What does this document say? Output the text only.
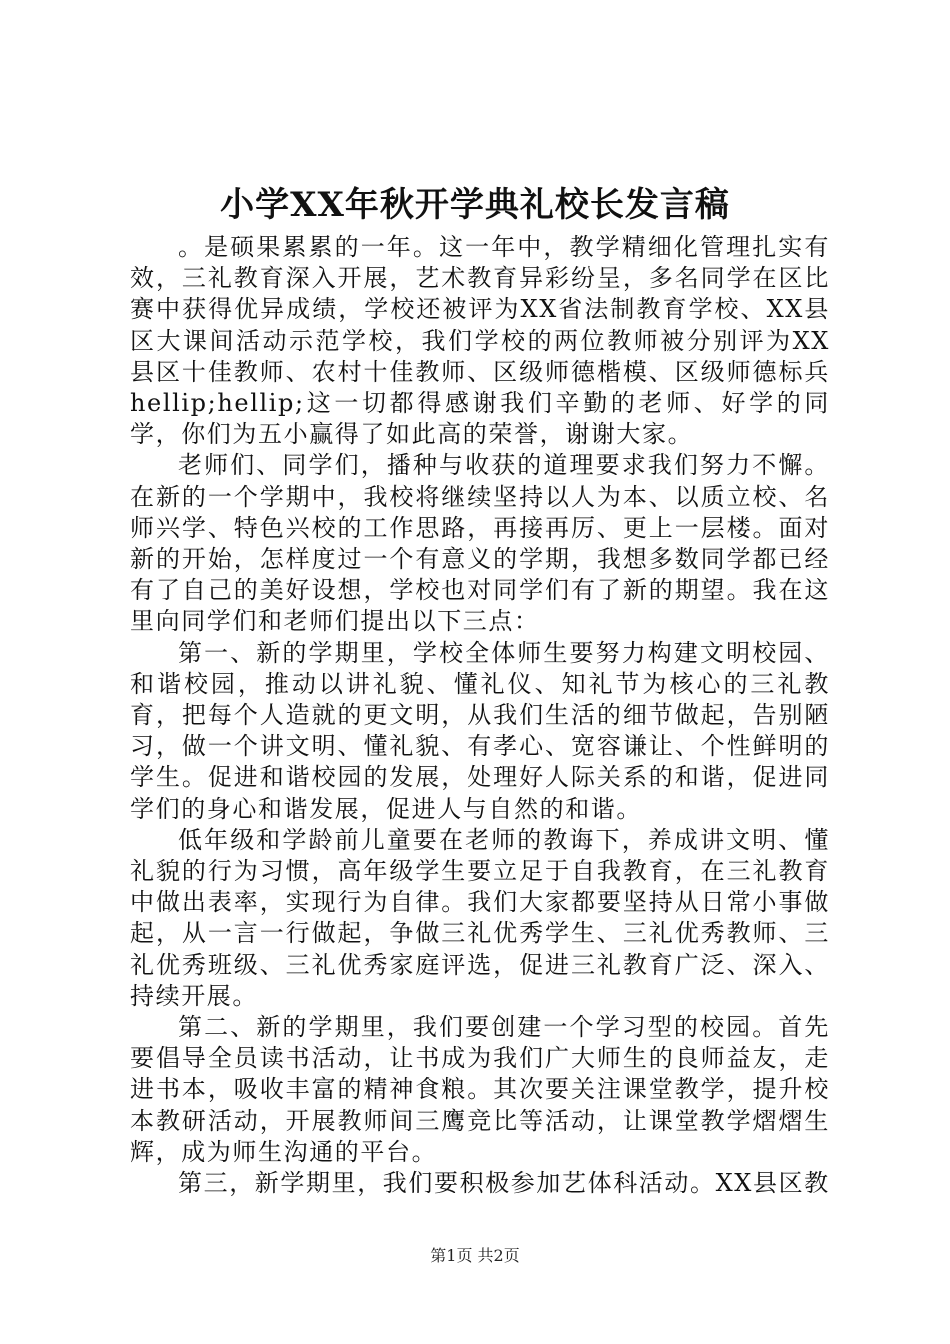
小学XX年秋开学典礼校长发言稿

。是硕果累累的一年。这一年中，教学精细化管理扎实有效，三礼教育深入开展，艺术教育异彩纷呈，多名同学在区比赛中获得优异成绩，学校还被评为XX省法制教育学校、XX县区大课间活动示范学校，我们学校的两位教师被分别评为XX县区十佳教师、农村十佳教师、区级师德楷模、区级师德标兵hellip;hellip;这一切都得感谢我们辛勤的老师、好学的同学，你们为五小赢得了如此高的荣誉，谢谢大家。

老师们、同学们，播种与收获的道理要求我们努力不懈。在新的一个学期中，我校将继续坚持以人为本、以质立校、名师兴学、特色兴校的工作思路，再接再厉、更上一层楼。面对新的开始，怎样度过一个有意义的学期，我想多数同学都已经有了自己的美好设想，学校也对同学们有了新的期望。我在这里向同学们和老师们提出以下三点：

第一、新的学期里，学校全体师生要努力构建文明校园、和谐校园，推动以讲礼貌、懂礼仪、知礼节为核心的三礼教育，把每个人造就的更文明，从我们生活的细节做起，告别陋习，做一个讲文明、懂礼貌、有孝心、宽容谦让、个性鲜明的学生。促进和谐校园的发展，处理好人际关系的和谐，促进同学们的身心和谐发展，促进人与自然的和谐。

低年级和学龄前儿童要在老师的教诲下，养成讲文明、懂礼貌的行为习惯，高年级学生要立足于自我教育，在三礼教育中做出表率，实现行为自律。我们大家都要坚持从日常小事做起，从一言一行做起，争做三礼优秀学生、三礼优秀教师、三礼优秀班级、三礼优秀家庭评选，促进三礼教育广泛、深入、持续开展。

第二、新的学期里，我们要创建一个学习型的校园。首先要倡导全员读书活动，让书成为我们广大师生的良师益友，走进书本，吸收丰富的精神食粮。其次要关注课堂教学，提升校本教研活动，开展教师间三鹰竞比等活动，让课堂教学熠熠生辉，成为师生沟通的平台。

第三，新学期里，我们要积极参加艺体科活动。XX县区教

第1页 共2页
